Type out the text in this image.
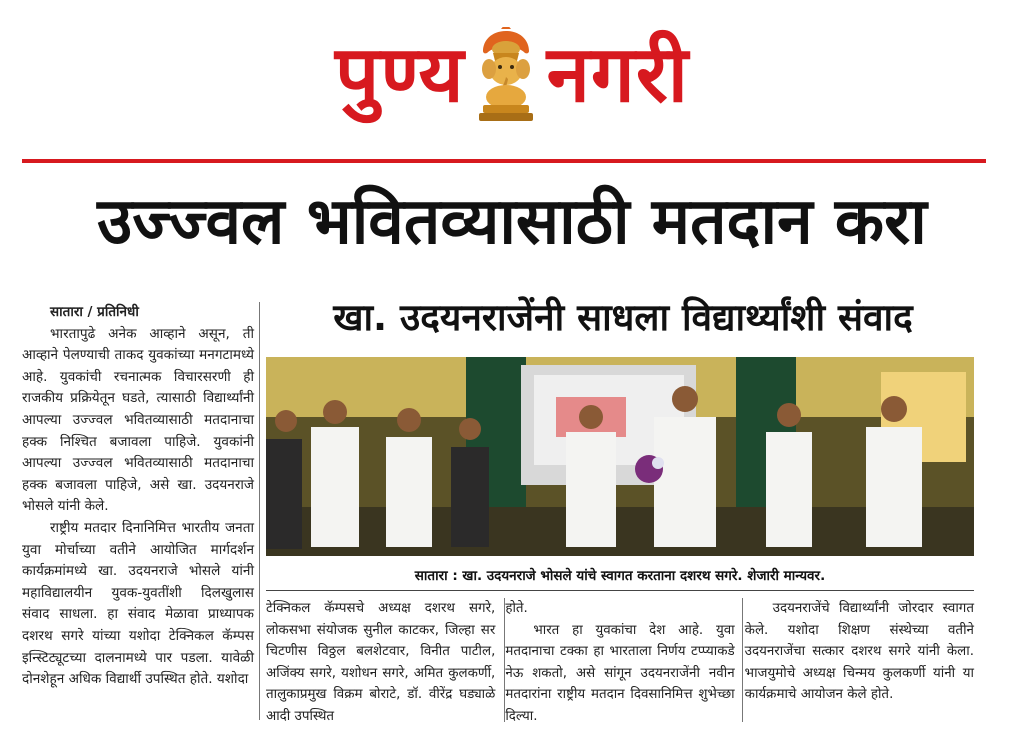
पुण्य नगरी
उज्ज्वल भवितव्यासाठी मतदान करा
खा. उदयनराजेंनी साधला विद्यार्थ्यांशी संवाद
सातारा / प्रतिनिधी

भारतापुढे अनेक आव्हाने असून, ती आव्हाने पेलण्याची ताकद युवकांच्या मनगटामध्ये आहे. युवकांची रचनात्मक विचारसरणी ही राजकीय प्रक्रियेतून घडते, त्यासाठी विद्यार्थ्यांनी आपल्या उज्ज्वल भवितव्यासाठी मतदानाचा हक्क निश्चित बजावला पाहिजे. युवकांनी आपल्या उज्ज्वल भवितव्यासाठी मतदानाचा हक्क बजावला पाहिजे, असे खा. उदयनराजे भोसले यांनी केले.

राष्ट्रीय मतदार दिनानिमित्त भारतीय जनता युवा मोर्चाच्या वतीने आयोजित मार्गदर्शन कार्यक्रमांमध्ये खा. उदयनराजे भोसले यांनी महाविद्यालयीन युवक-युवतींशी दिलखुलास संवाद साधला. हा संवाद मेळावा प्राध्यापक दशरथ सगरे यांच्या यशोदा टेक्निकल कॅम्पस इन्स्टिट्यूटच्या दालनामध्ये पार पडला. यावेळी दोनशेहून अधिक विद्यार्थी उपस्थित होते. यशोदा

सातारा : खा. उदयनराजे भोसले यांचे स्वागत करताना दशरथ सगरे. शेजारी मान्यवर.

टेक्निकल कॅम्पसचे अध्यक्ष दशरथ सगरे, लोकसभा संयोजक सुनील काटकर, जिल्हा सर चिटणीस विठ्ठल बलशेटवार, विनीत पाटील, अजिंक्य सगरे, यशोधन सगरे, अमित कुलकर्णी, तालुकाप्रमुख विक्रम बोराटे, डॉ. वीरेंद्र घड्याळे आदी उपस्थित

होते.

भारत हा युवकांचा देश आहे. युवा मतदानाचा टक्का हा भारताला निर्णय टप्प्याकडे नेऊ शकतो, असे सांगून उदयनराजेंनी नवीन मतदारांना राष्ट्रीय मतदान दिवसानिमित्त शुभेच्छा दिल्या.

उदयनराजेंचे विद्यार्थ्यांनी जोरदार स्वागत केले. यशोदा शिक्षण संस्थेच्या वतीने उदयनराजेंचा सत्कार दशरथ सगरे यांनी केला. भाजयुमोचे अध्यक्ष चिन्मय कुलकर्णी यांनी या कार्यक्रमाचे आयोजन केले होते.
